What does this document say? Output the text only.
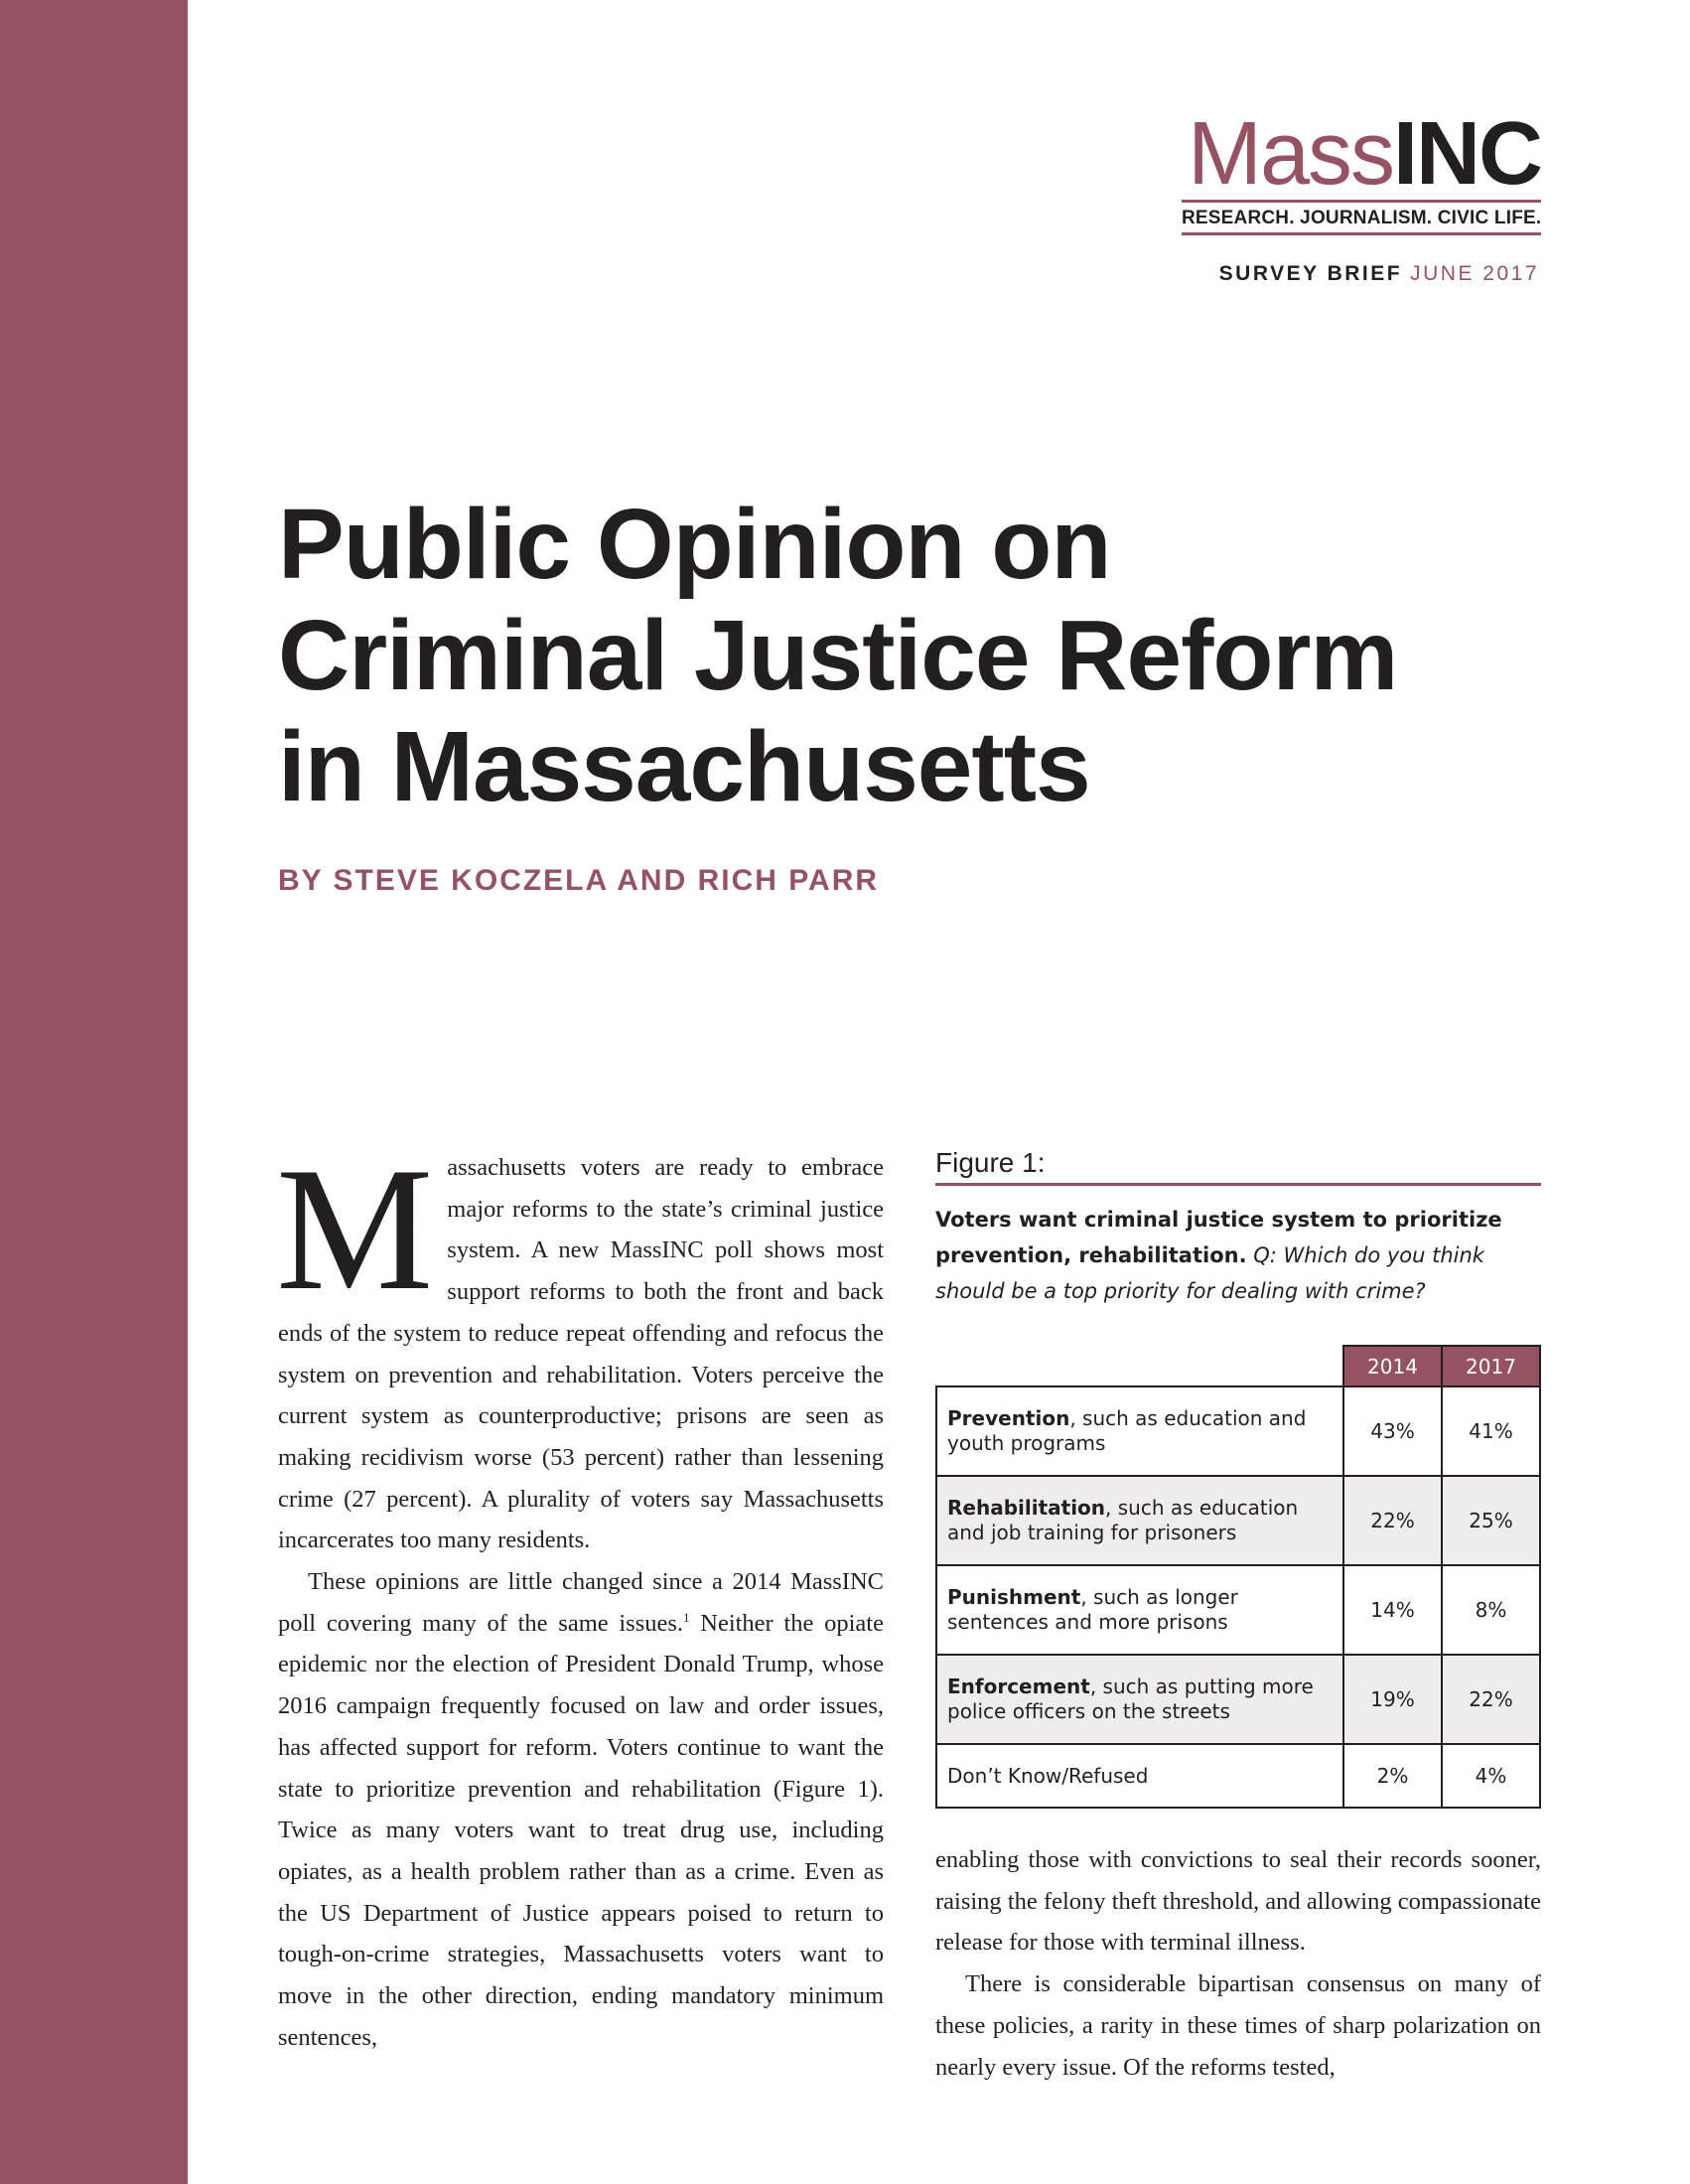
MassINC
RESEARCH. JOURNALISM. CIVIC LIFE.
SURVEY BRIEF JUNE 2017
Public Opinion on
Criminal Justice Reform
in Massachusetts
BY STEVE KOCZELA AND RICH PARR

Massachusetts voters are ready to embrace major reforms to the state’s criminal justice system. A new MassINC poll shows most support reforms to both the front and back ends of the system to reduce repeat offending and refocus the system on prevention and rehabilitation. Voters perceive the current system as counterproductive; prisons are seen as making recidivism worse (53 percent) rather than lessening crime (27 percent). A plurality of voters say Massachusetts incarcerates too many residents.

These opinions are little changed since a 2014 MassINC poll covering many of the same issues.$^1$ Neither the opiate epidemic nor the election of President Donald Trump, whose 2016 campaign frequently focused on law and order issues, has affected support for reform. Voters continue to want the state to prioritize prevention and rehabilitation (Figure 1). Twice as many voters want to treat drug use, including opiates, as a health problem rather than as a crime. Even as the US Department of Justice appears poised to return to tough-on-crime strategies, Massachusetts voters want to move in the other direction, ending mandatory minimum sentences,

Figure 1:
Voters want criminal justice system to prioritize prevention, rehabilitation. Q: Which do you think should be a top priority for dealing with crime?
	2014	2017
Prevention, such as education and youth programs	43%	41%
Rehabilitation, such as education and job training for prisoners	22%	25%
Punishment, such as longer sentences and more prisons	14%	8%
Enforcement, such as putting more police officers on the streets	19%	22%
Don’t Know/Refused	2%	4%

enabling those with convictions to seal their records sooner, raising the felony theft threshold, and allowing compassionate release for those with terminal illness.

There is considerable bipartisan consensus on many of these policies, a rarity in these times of sharp polarization on nearly every issue. Of the reforms tested,
